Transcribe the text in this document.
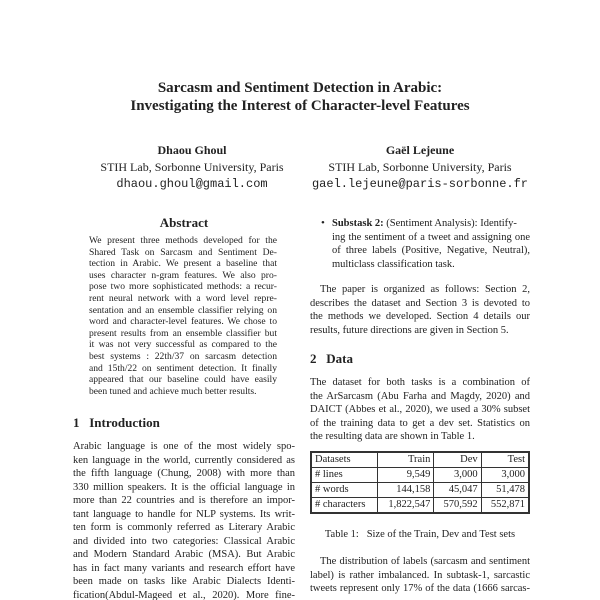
Sarcasm and Sentiment Detection in Arabic:
Investigating the Interest of Character-level Features
Dhaou Ghoul
STIH Lab, Sorbonne University, Paris
dhaou.ghoul@gmail.com
Gaël Lejeune
STIH Lab, Sorbonne University, Paris
gael.lejeune@paris-sorbonne.fr
Abstract
We present three methods developed for the
Shared Task on Sarcasm and Sentiment De-
tection in Arabic. We present a baseline that
uses character n-gram features. We also pro-
pose two more sophisticated methods: a recur-
rent neural network with a word level repre-
sentation and an ensemble classifier relying on
word and character-level features. We chose to
present results from an ensemble classifier but
it was not very successful as compared to the
best systems : 22th/37 on sarcasm detection
and 15th/22 on sentiment detection. It finally
appeared that our baseline could have easily
been tuned and achieve much better results.
1   Introduction
Arabic language is one of the most widely spo-
ken language in the world, currently considered as
the fifth language (Chung, 2008) with more than
330 million speakers. It is the official language in
more than 22 countries and is therefore an impor-
tant language to handle for NLP systems. Its writ-
ten form is commonly referred as Literary Arabic
and divided into two categories: Classical Arabic
and Modern Standard Arabic (MSA). But Arabic
has in fact many variants and research effort have
been made on tasks like Arabic Dialects Identi-
fication(Abdul-Mageed et al., 2020). More fine-
• Substask 2: (Sentiment Analysis): Identify-
ing the sentiment of a tweet and assigning one
of three labels (Positive, Negative, Neutral),
multiclass classification task.
The paper is organized as follows: Section 2,
describes the dataset and Section 3 is devoted to
the methods we developed. Section 4 details our
results, future directions are given in Section 5.
2   Data
The dataset for both tasks is a combination of
the ArSarcasm (Abu Farha and Magdy, 2020) and
DAICT (Abbes et al., 2020), we used a 30% subset
of the training data to get a dev set. Statistics on
the resulting data are shown in Table 1.
Datasets	Train	Dev	Test
# lines	9,549	3,000	3,000
# words	144,158	45,047	51,478
# characters	1,822,547	570,592	552,871
Table 1:   Size of the Train, Dev and Test sets
The distribution of labels (sarcasm and sentiment
label) is rather imbalanced. In subtask-1, sarcastic
tweets represent only 17% of the data (1666 sarcas-
